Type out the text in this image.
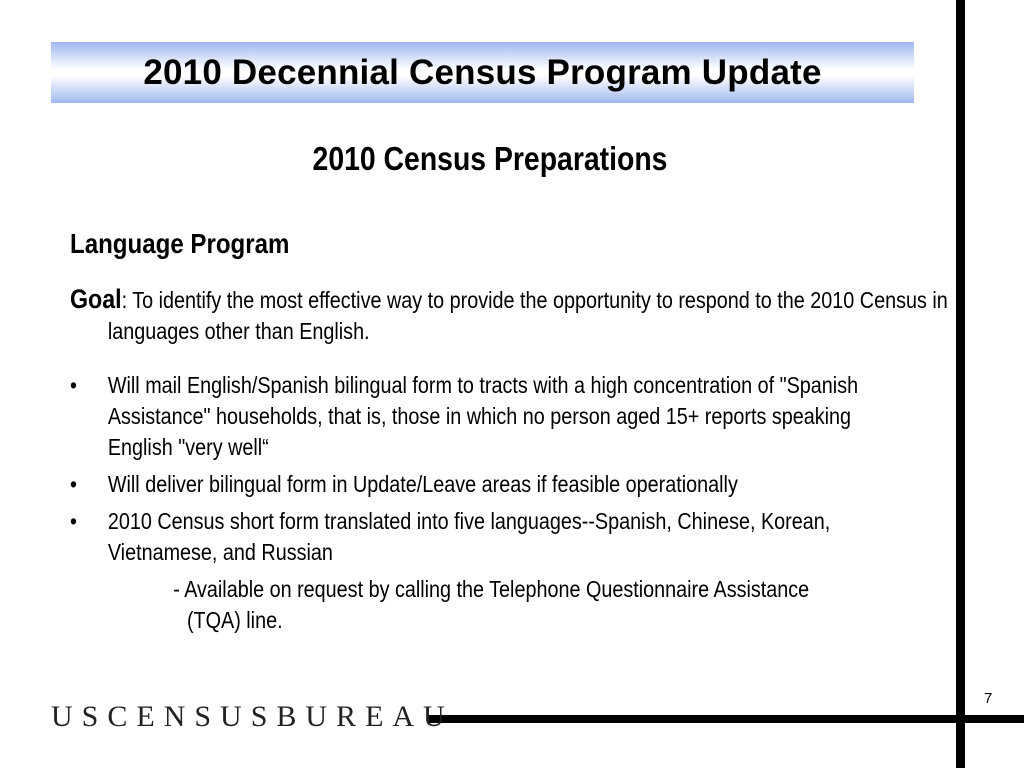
2010 Decennial Census Program Update
2010 Census Preparations
Language Program

Goal: To identify the most effective way to provide the opportunity to respond to the 2010 Census in languages other than English.

• Will mail English/Spanish bilingual form to tracts with a high concentration of "Spanish Assistance" households, that is, those in which no person aged 15+ reports speaking English "very well“
• Will deliver bilingual form in Update/Leave areas if feasible operationally
• 2010 Census short form translated into five languages--Spanish, Chinese, Korean, Vietnamese, and Russian
- Available on request by calling the Telephone Questionnaire Assistance (TQA) line.
USCENSUSBUREAU
7
